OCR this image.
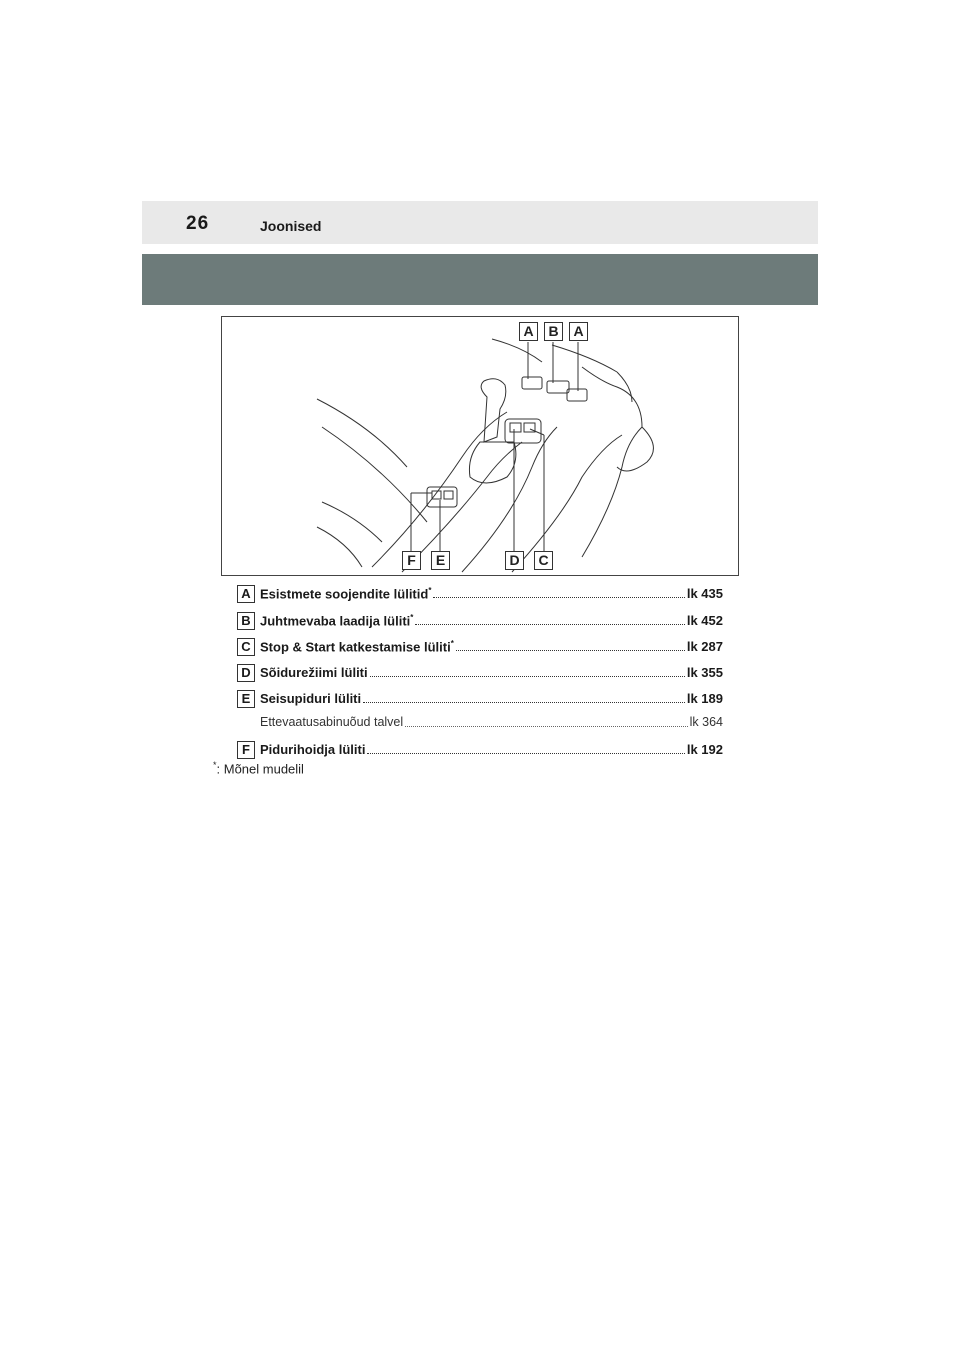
26	Joonised
A	B	A
F	E	D	C
A Esistmete soojendite lülitid*	lk 435
B Juhtmevaba laadija lüliti*	lk 452
C Stop & Start katkestamise lüliti*	lk 287
D Sõidurežiimi lüliti	lk 355
E Seisupiduri lüliti	lk 189
Ettevaatusabinuõud talvel	lk 364
F Pidurihoidja lüliti	lk 192
*: Mõnel mudelil
